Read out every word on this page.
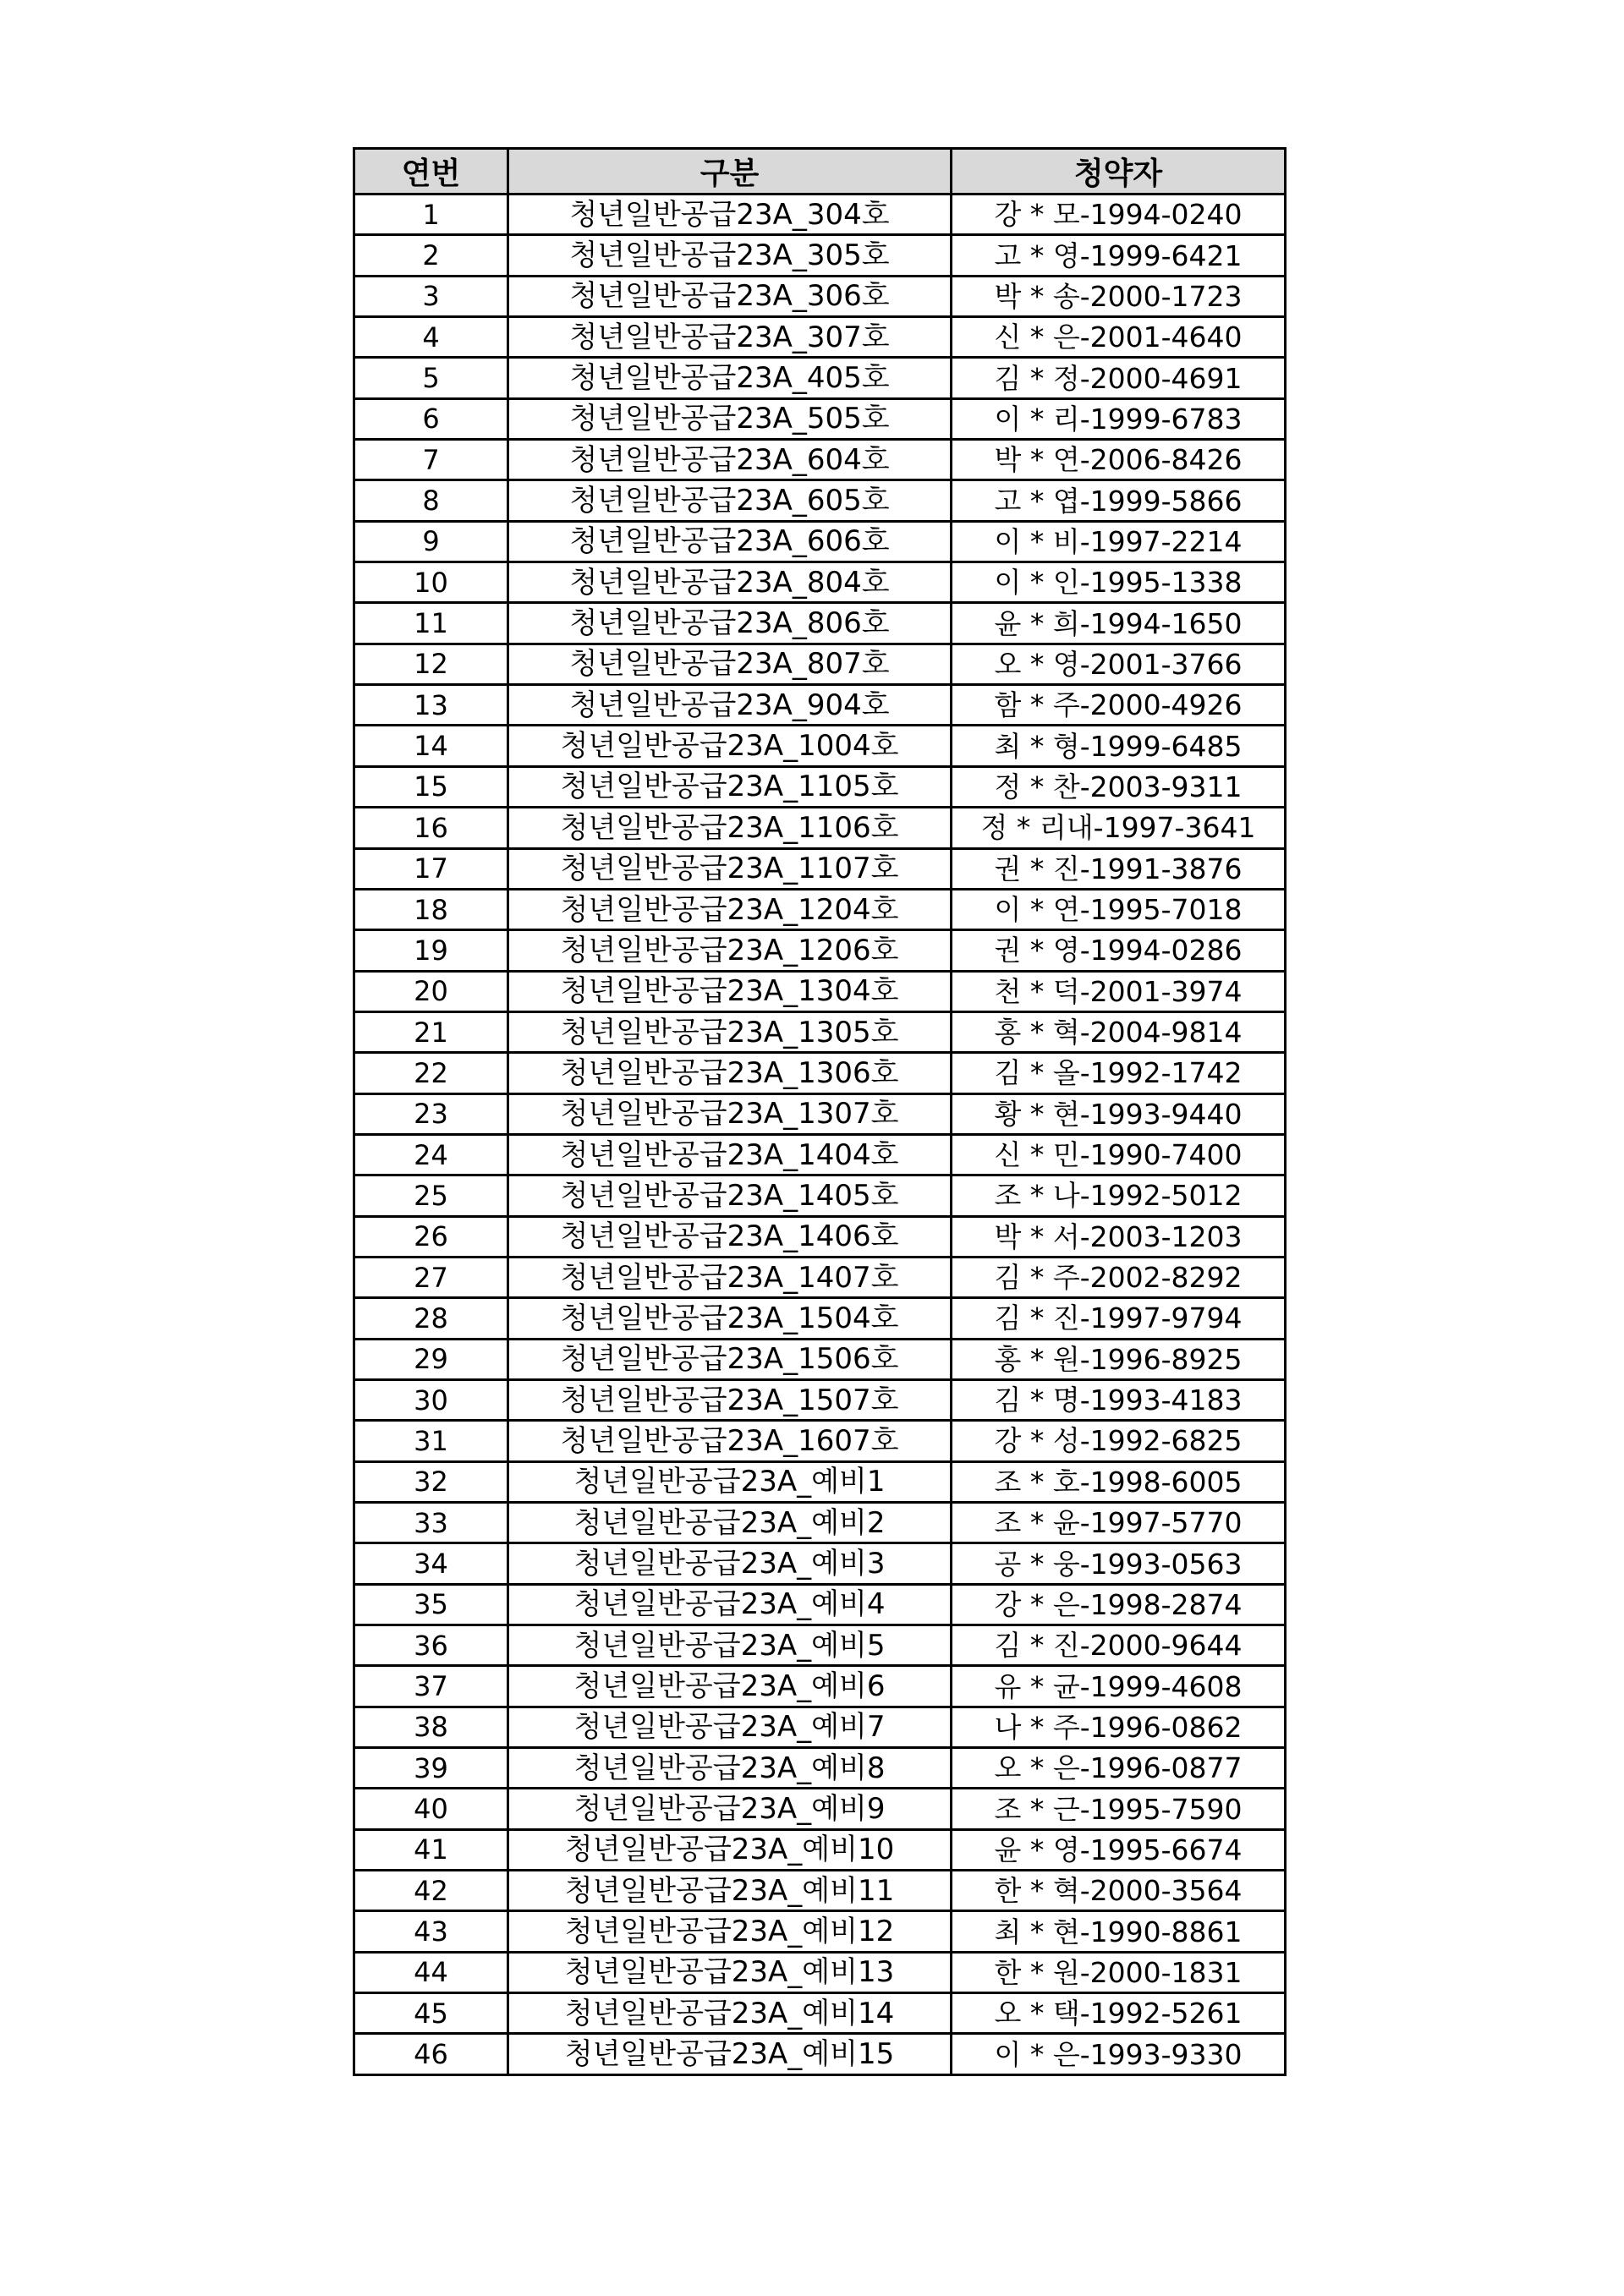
연번	구분	청약자
1	청년일반공급23A_304호	강 * 모-1994-0240
2	청년일반공급23A_305호	고 * 영-1999-6421
3	청년일반공급23A_306호	박 * 송-2000-1723
4	청년일반공급23A_307호	신 * 은-2001-4640
5	청년일반공급23A_405호	김 * 정-2000-4691
6	청년일반공급23A_505호	이 * 리-1999-6783
7	청년일반공급23A_604호	박 * 연-2006-8426
8	청년일반공급23A_605호	고 * 엽-1999-5866
9	청년일반공급23A_606호	이 * 비-1997-2214
10	청년일반공급23A_804호	이 * 인-1995-1338
11	청년일반공급23A_806호	윤 * 희-1994-1650
12	청년일반공급23A_807호	오 * 영-2001-3766
13	청년일반공급23A_904호	함 * 주-2000-4926
14	청년일반공급23A_1004호	최 * 형-1999-6485
15	청년일반공급23A_1105호	정 * 찬-2003-9311
16	청년일반공급23A_1106호	정 * 리내-1997-3641
17	청년일반공급23A_1107호	권 * 진-1991-3876
18	청년일반공급23A_1204호	이 * 연-1995-7018
19	청년일반공급23A_1206호	권 * 영-1994-0286
20	청년일반공급23A_1304호	천 * 덕-2001-3974
21	청년일반공급23A_1305호	홍 * 혁-2004-9814
22	청년일반공급23A_1306호	김 * 올-1992-1742
23	청년일반공급23A_1307호	황 * 현-1993-9440
24	청년일반공급23A_1404호	신 * 민-1990-7400
25	청년일반공급23A_1405호	조 * 나-1992-5012
26	청년일반공급23A_1406호	박 * 서-2003-1203
27	청년일반공급23A_1407호	김 * 주-2002-8292
28	청년일반공급23A_1504호	김 * 진-1997-9794
29	청년일반공급23A_1506호	홍 * 원-1996-8925
30	청년일반공급23A_1507호	김 * 명-1993-4183
31	청년일반공급23A_1607호	강 * 성-1992-6825
32	청년일반공급23A_예비1	조 * 호-1998-6005
33	청년일반공급23A_예비2	조 * 윤-1997-5770
34	청년일반공급23A_예비3	공 * 웅-1993-0563
35	청년일반공급23A_예비4	강 * 은-1998-2874
36	청년일반공급23A_예비5	김 * 진-2000-9644
37	청년일반공급23A_예비6	유 * 균-1999-4608
38	청년일반공급23A_예비7	나 * 주-1996-0862
39	청년일반공급23A_예비8	오 * 은-1996-0877
40	청년일반공급23A_예비9	조 * 근-1995-7590
41	청년일반공급23A_예비10	윤 * 영-1995-6674
42	청년일반공급23A_예비11	한 * 혁-2000-3564
43	청년일반공급23A_예비12	최 * 현-1990-8861
44	청년일반공급23A_예비13	한 * 원-2000-1831
45	청년일반공급23A_예비14	오 * 택-1992-5261
46	청년일반공급23A_예비15	이 * 은-1993-9330
